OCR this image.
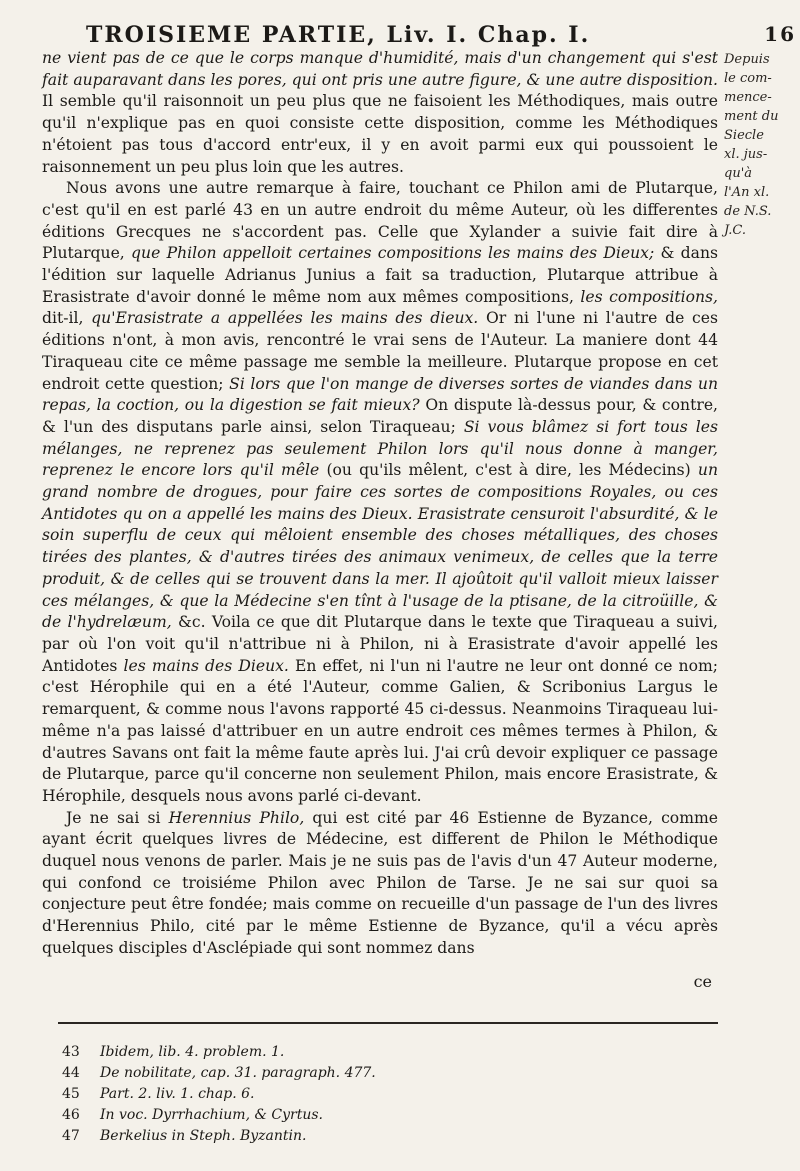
TROISIEME PARTIE, Liv. I. Chap. I.	16
Depuis
le com-
mence-
ment du
Siecle
xl. jus-
qu'à
l'An xl.
de N.S.
J.C.

ne vient pas de ce que le corps manque d'humidité, mais d'un changement qui s'est fait auparavant dans les pores, qui ont pris une autre figure, & une autre disposition. Il semble qu'il raisonnoit un peu plus que ne faisoient les Méthodiques, mais outre qu'il n'explique pas en quoi consiste cette disposition, comme les Méthodiques n'étoient pas tous d'accord entr'eux, il y en avoit parmi eux qui poussoient le raisonnement un peu plus loin que les autres.

Nous avons une autre remarque à faire, touchant ce Philon ami de Plutarque, c'est qu'il en est parlé 43 en un autre endroit du même Auteur, où les differentes éditions Grecques ne s'accordent pas. Celle que Xylander a suivie fait dire à Plutarque, que Philon appelloit certaines compositions les mains des Dieux; & dans l'édition sur laquelle Adrianus Junius a fait sa traduction, Plutarque attribue à Erasistrate d'avoir donné le même nom aux mêmes compositions, les compositions, dit-il, qu'Erasistrate a appellées les mains des dieux. Or ni l'une ni l'autre de ces éditions n'ont, à mon avis, rencontré le vrai sens de l'Auteur. La maniere dont 44 Tiraqueau cite ce même passage me semble la meilleure. Plutarque propose en cet endroit cette question; Si lors que l'on mange de diverses sortes de viandes dans un repas, la coction, ou la digestion se fait mieux? On dispute là-dessus pour, & contre, & l'un des disputans parle ainsi, selon Tiraqueau; Si vous blâmez si fort tous les mélanges, ne reprenez pas seulement Philon lors qu'il nous donne à manger, reprenez le encore lors qu'il mêle (ou qu'ils mêlent, c'est à dire, les Médecins) un grand nombre de drogues, pour faire ces sortes de compositions Royales, ou ces Antidotes qu on a appellé les mains des Dieux. Erasistrate censuroit l'absurdité, & le soin superflu de ceux qui mêloient ensemble des choses métalliques, des choses tirées des plantes, & d'autres tirées des animaux venimeux, de celles que la terre produit, & de celles qui se trouvent dans la mer. Il ajoûtoit qu'il valloit mieux laisser ces mélanges, & que la Médecine s'en tînt à l'usage de la ptisane, de la citroüille, & de l'hydrelæum, &c. Voila ce que dit Plutarque dans le texte que Tiraqueau a suivi, par où l'on voit qu'il n'attribue ni à Philon, ni à Erasistrate d'avoir appellé les Antidotes les mains des Dieux. En effet, ni l'un ni l'autre ne leur ont donné ce nom; c'est Hérophile qui en a été l'Auteur, comme Galien, & Scribonius Largus le remarquent, & comme nous l'avons rapporté 45 ci-dessus. Neanmoins Tiraqueau lui-même n'a pas laissé d'attribuer en un autre endroit ces mêmes termes à Philon, & d'autres Savans ont fait la même faute après lui. J'ai crû devoir expliquer ce passage de Plutarque, parce qu'il concerne non seulement Philon, mais encore Erasistrate, & Hérophile, desquels nous avons parlé ci-devant.

Je ne sai si Herennius Philo, qui est cité par 46 Estienne de Byzance, comme ayant écrit quelques livres de Médecine, est different de Philon le Méthodique duquel nous venons de parler. Mais je ne suis pas de l'avis d'un 47 Auteur moderne, qui confond ce troisiéme Philon avec Philon de Tarse. Je ne sai sur quoi sa conjecture peut être fondée; mais comme on recueille d'un passage de l'un des livres d'Herennius Philo, cité par le même Estienne de Byzance, qu'il a vécu après quelques disciples d'Asclépiade qui sont nommez dans

ce
43	Ibidem, lib. 4. problem. 1.
44	De nobilitate, cap. 31. paragraph. 477.
45	Part. 2. liv. 1. chap. 6.
46	In voc. Dyrrhachium, & Cyrtus.
47	Berkelius in Steph. Byzantin.
